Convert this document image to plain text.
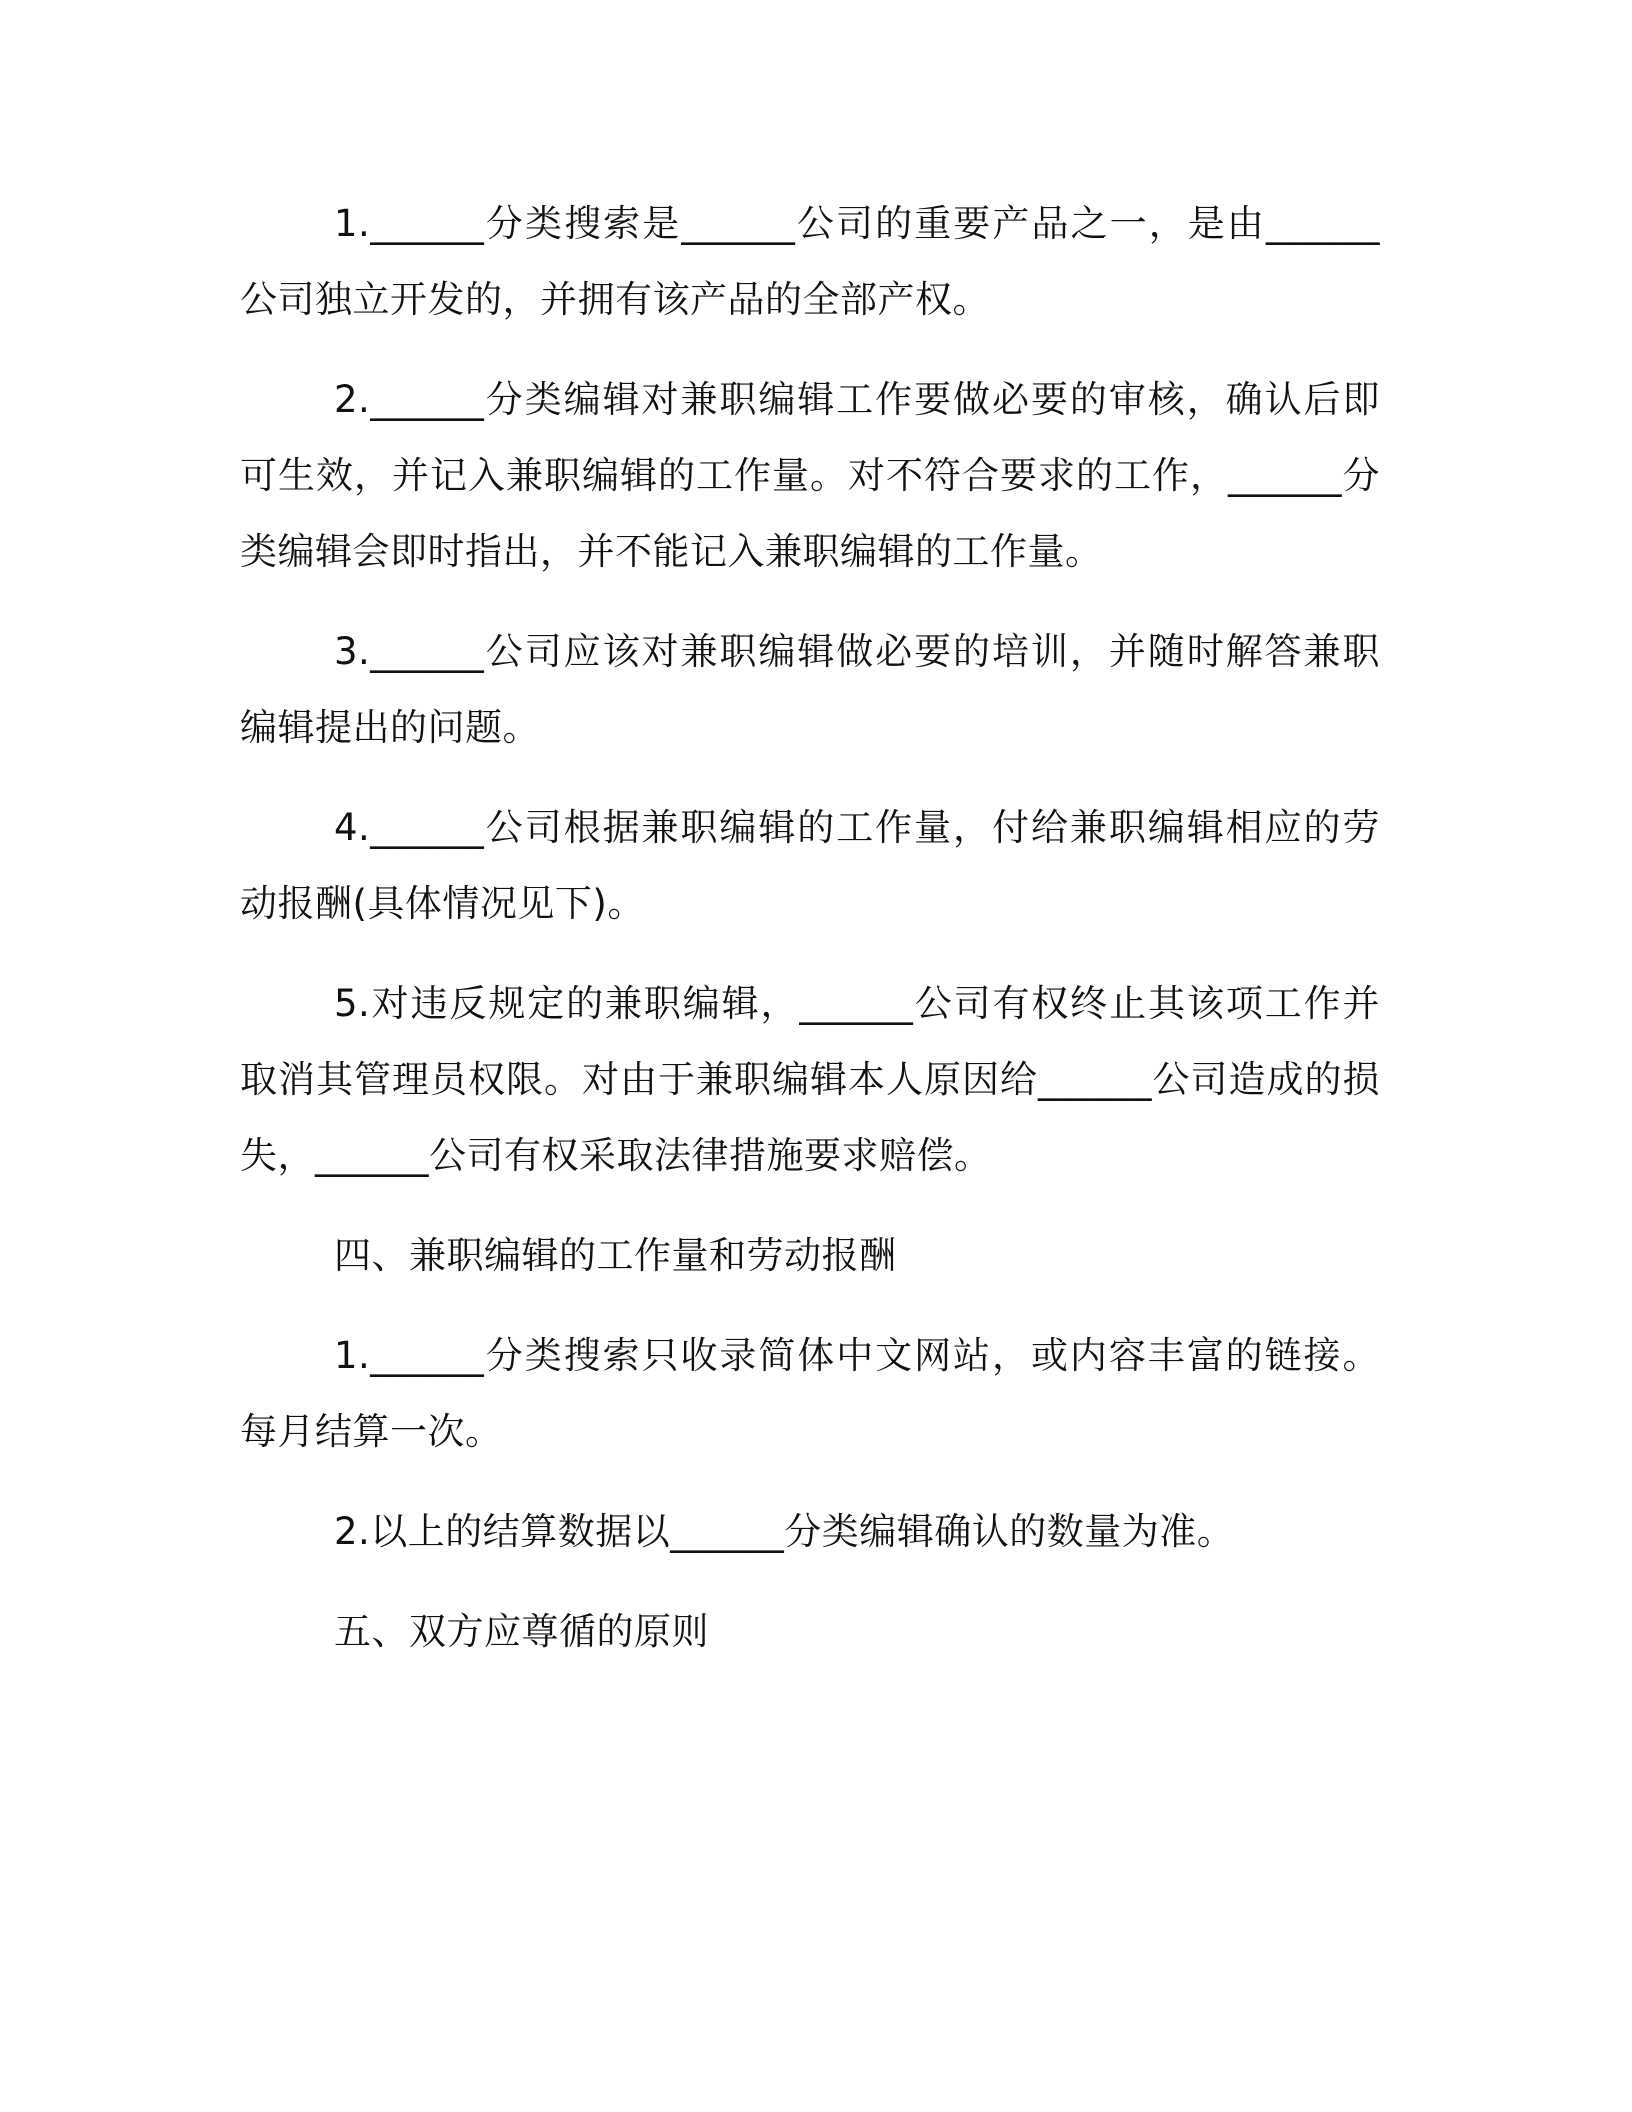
1.______分类搜索是______公司的重要产品之一，是由______公司独立开发的，并拥有该产品的全部产权。

2.______分类编辑对兼职编辑工作要做必要的审核，确认后即可生效，并记入兼职编辑的工作量。对不符合要求的工作，______分类编辑会即时指出，并不能记入兼职编辑的工作量。

3.______公司应该对兼职编辑做必要的培训，并随时解答兼职编辑提出的问题。

4.______公司根据兼职编辑的工作量，付给兼职编辑相应的劳动报酬(具体情况见下)。

5.对违反规定的兼职编辑，______公司有权终止其该项工作并取消其管理员权限。对由于兼职编辑本人原因给______公司造成的损失，______公司有权采取法律措施要求赔偿。

四、兼职编辑的工作量和劳动报酬

1.______分类搜索只收录简体中文网站，或内容丰富的链接。每月结算一次。

2.以上的结算数据以______分类编辑确认的数量为准。

五、双方应尊循的原则
